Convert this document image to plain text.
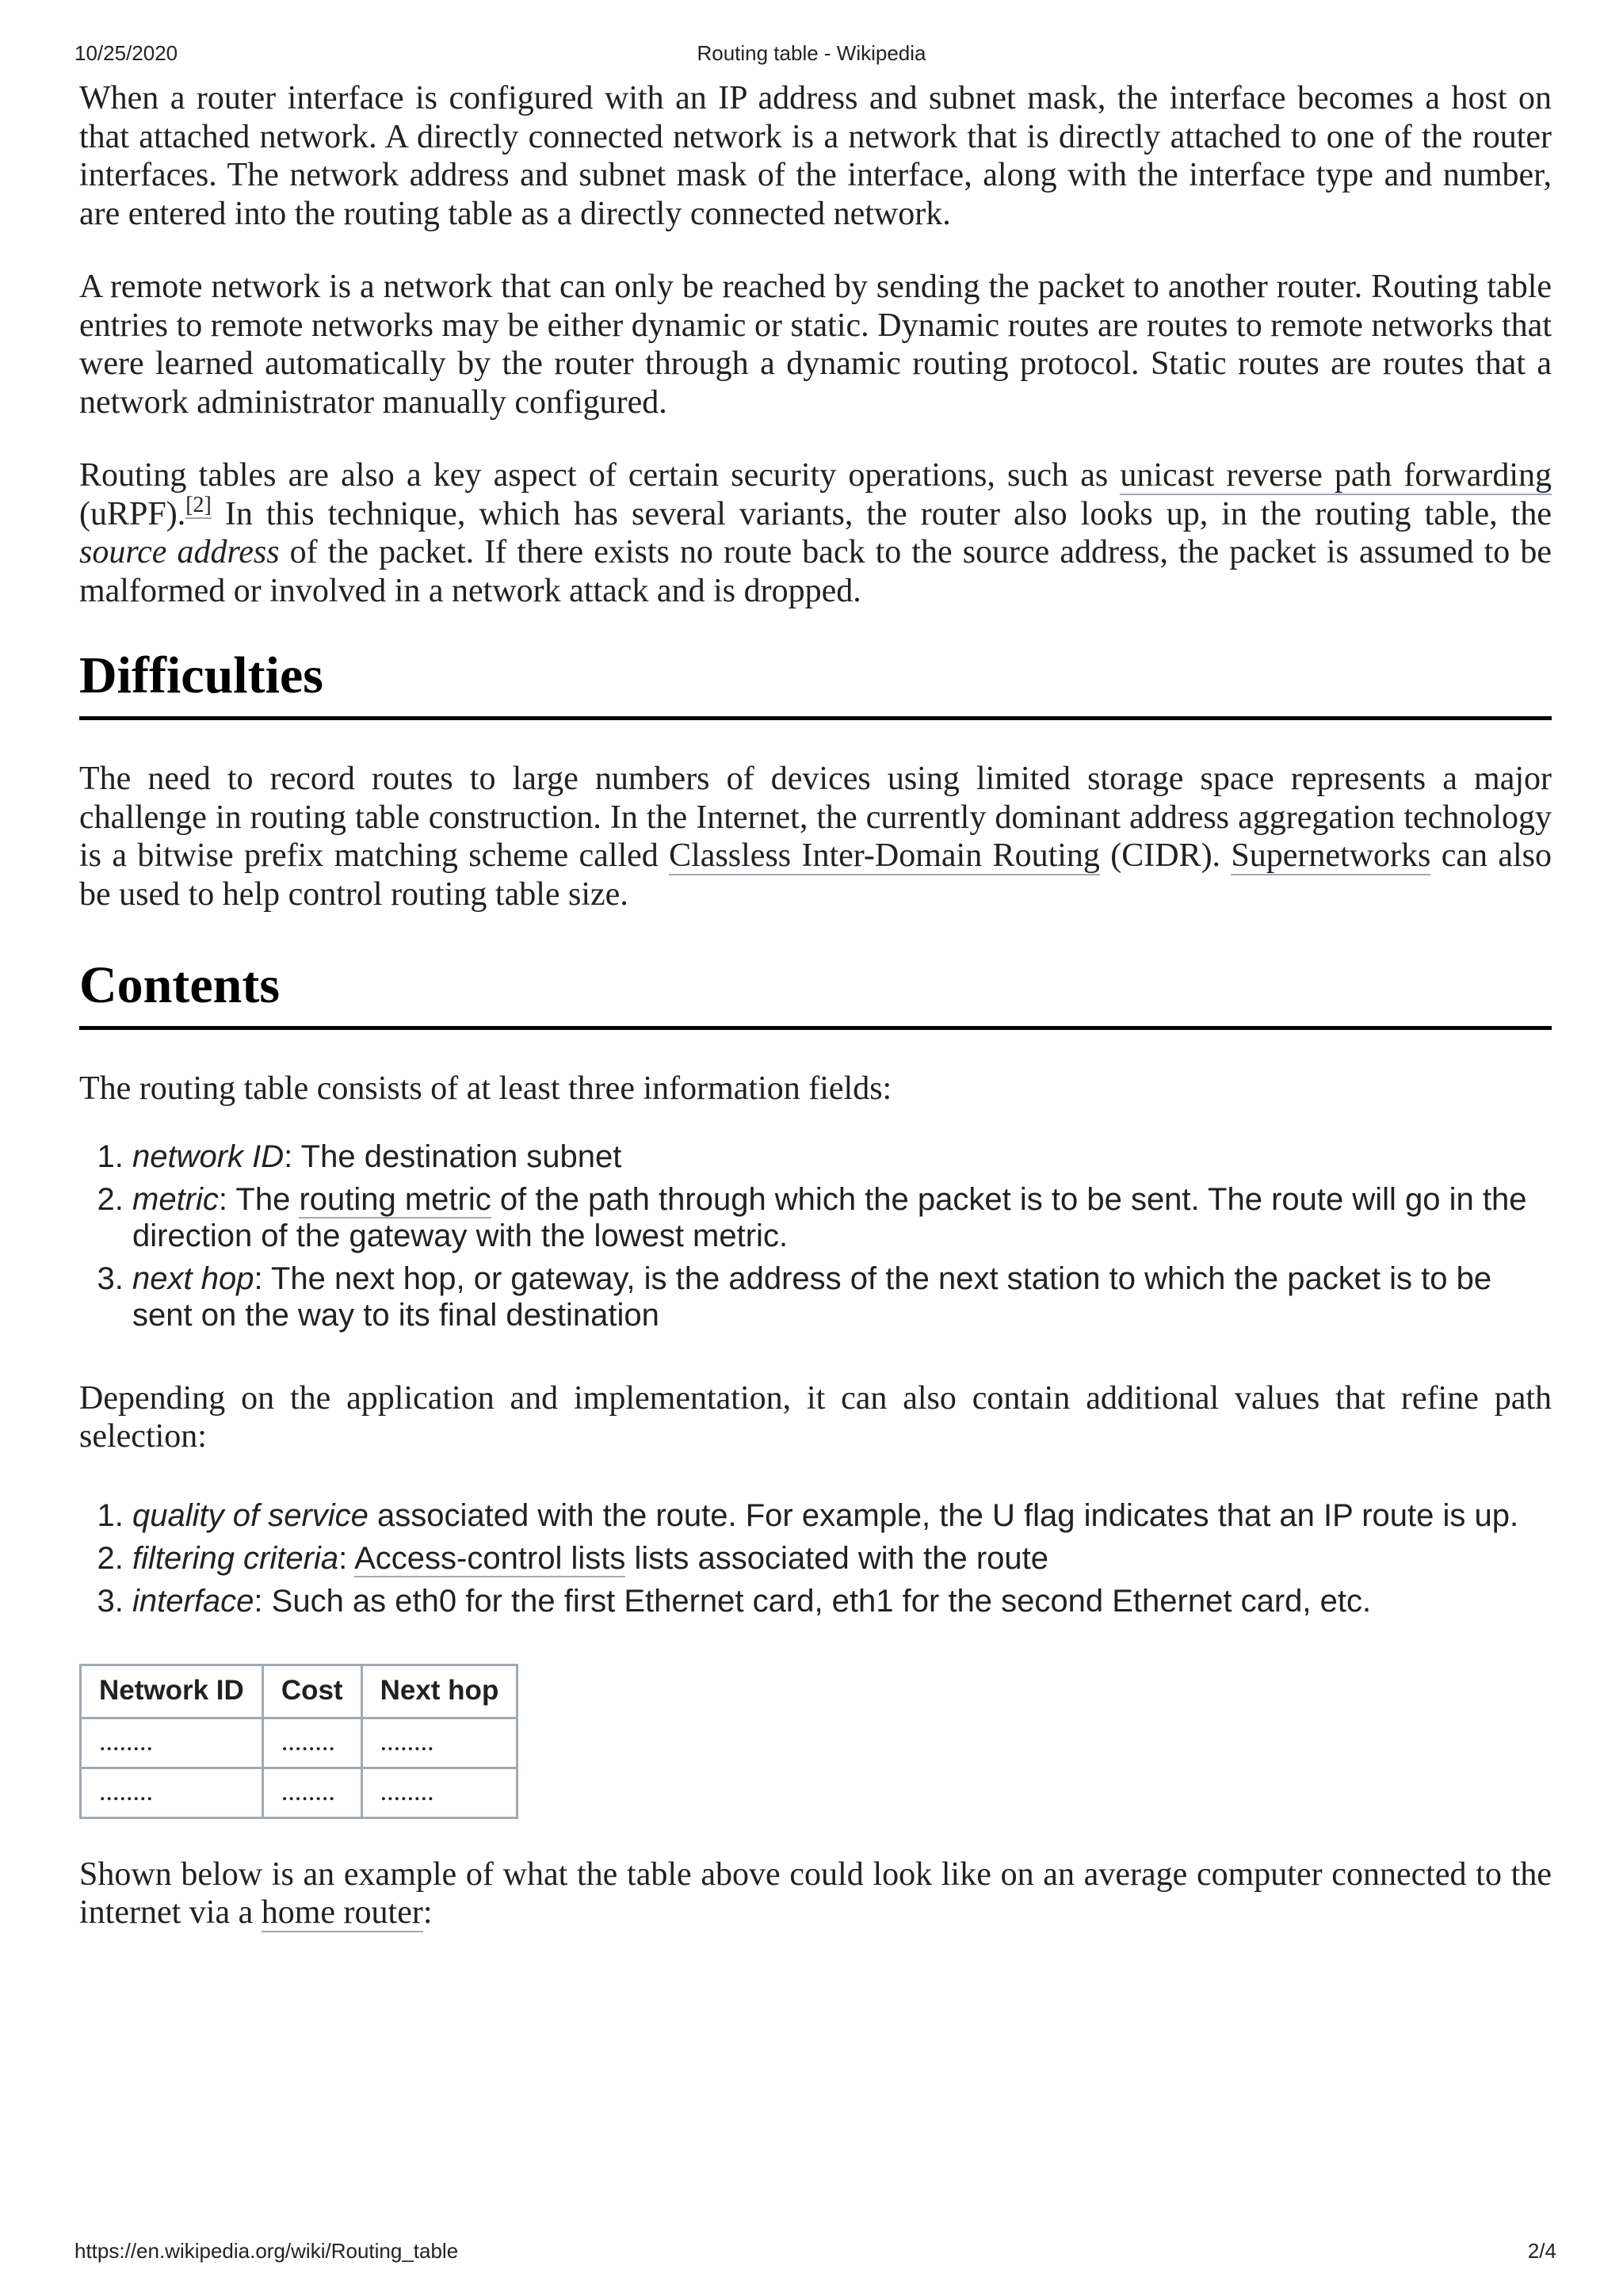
10/25/2020	Routing table - Wikipedia

When a router interface is configured with an IP address and subnet mask, the interface becomes a host on that attached network. A directly connected network is a network that is directly attached to one of the router interfaces. The network address and subnet mask of the interface, along with the interface type and number, are entered into the routing table as a directly connected network.

A remote network is a network that can only be reached by sending the packet to another router. Routing table entries to remote networks may be either dynamic or static. Dynamic routes are routes to remote networks that were learned automatically by the router through a dynamic routing protocol. Static routes are routes that a network administrator manually configured.

Routing tables are also a key aspect of certain security operations, such as unicast reverse path forwarding (uRPF).[2] In this technique, which has several variants, the router also looks up, in the routing table, the source address of the packet. If there exists no route back to the source address, the packet is assumed to be malformed or involved in a network attack and is dropped.

Difficulties

The need to record routes to large numbers of devices using limited storage space represents a major challenge in routing table construction. In the Internet, the currently dominant address aggregation technology is a bitwise prefix matching scheme called Classless Inter-Domain Routing (CIDR). Supernetworks can also be used to help control routing table size.

Contents

The routing table consists of at least three information fields:

1. network ID: The destination subnet
2. metric: The routing metric of the path through which the packet is to be sent. The route will go in the direction of the gateway with the lowest metric.
3. next hop: The next hop, or gateway, is the address of the next station to which the packet is to be sent on the way to its final destination

Depending on the application and implementation, it can also contain additional values that refine path selection:

1. quality of service associated with the route. For example, the U flag indicates that an IP route is up.
2. filtering criteria: Access-control lists lists associated with the route
3. interface: Such as eth0 for the first Ethernet card, eth1 for the second Ethernet card, etc.
Network ID	Cost	Next hop
........	........	........
........	........	........

Shown below is an example of what the table above could look like on an average computer connected to the internet via a home router:

https://en.wikipedia.org/wiki/Routing_table	2/4
